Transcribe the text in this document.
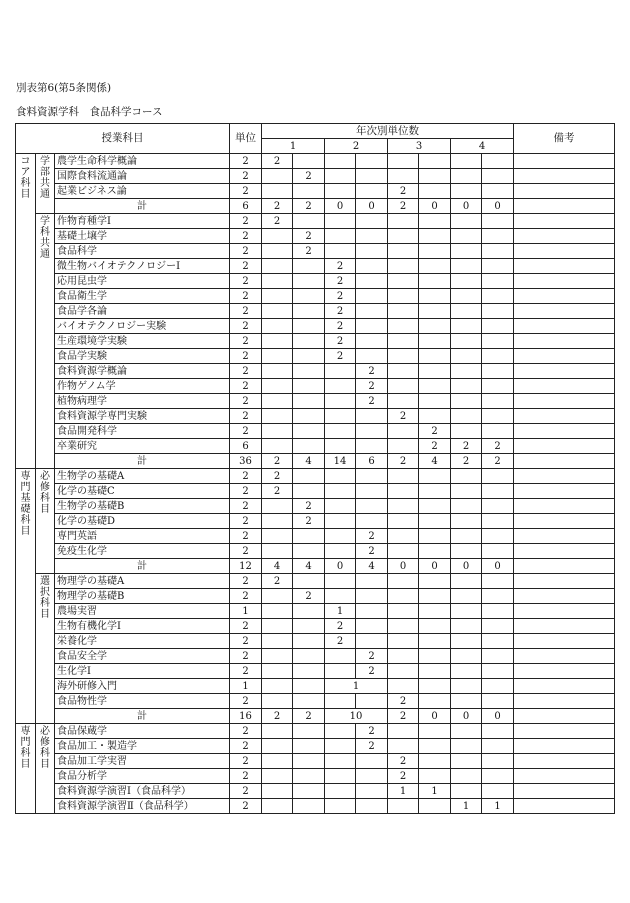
別表第6(第5条関係)
食料資源学科　食品科学コース
授業科目			単位	年次別単位数								備考
				1		2		3		4		

コア科目	学部共通	農学生命科学概論	2	2								
		国際食料流通論	2		2							
		起業ビジネス論	2					2				
		計	6	2	2	0	0	2	0	0	0	

	学科共通	作物育種学Ⅰ	2	2								
		基礎土壌学	2		2							
		食品科学	2		2							
		微生物バイオテクノロジーⅠ	2			2						
		応用昆虫学	2			2						
		食品衛生学	2			2						
		食品学各論	2			2						
		バイオテクノロジー実験	2			2						
		生産環境学実験	2			2						
		食品学実験	2			2						
		食料資源学概論	2				2					
		作物ゲノム学	2				2					
		植物病理学	2				2					
		食料資源学専門実験	2					2				
		食品開発科学	2						2			
		卒業研究	6						2	2	2	
		計	36	2	4	14	6	2	4	2	2	

専門基礎科目	必修科目	生物学の基礎A	2	2								
		化学の基礎C	2	2								
		生物学の基礎B	2		2							
		化学の基礎D	2		2							
		専門英語	2				2					
		免疫生化学	2				2					
		計	12	4	4	0	4	0	0	0	0	

	選択科目	物理学の基礎A	2	2								
		物理学の基礎B	2		2							
		農場実習	1			1						
		生物有機化学Ⅰ	2			2						
		栄養化学	2			2						
		食品安全学	2				2					
		生化学Ⅰ	2				2					
		海外研修入門	1			1						
		食品物性学	2					2				
		計	16	2	2	10		2	0	0	0	

専門科目	必修科目	食品保蔵学	2				2					
		食品加工・製造学	2				2					
		食品加工学実習	2					2				
		食品分析学	2					2				
		食料資源学演習Ⅰ（食品科学）	2					1	1			
		食料資源学演習Ⅱ（食品科学）	2							1	1	
